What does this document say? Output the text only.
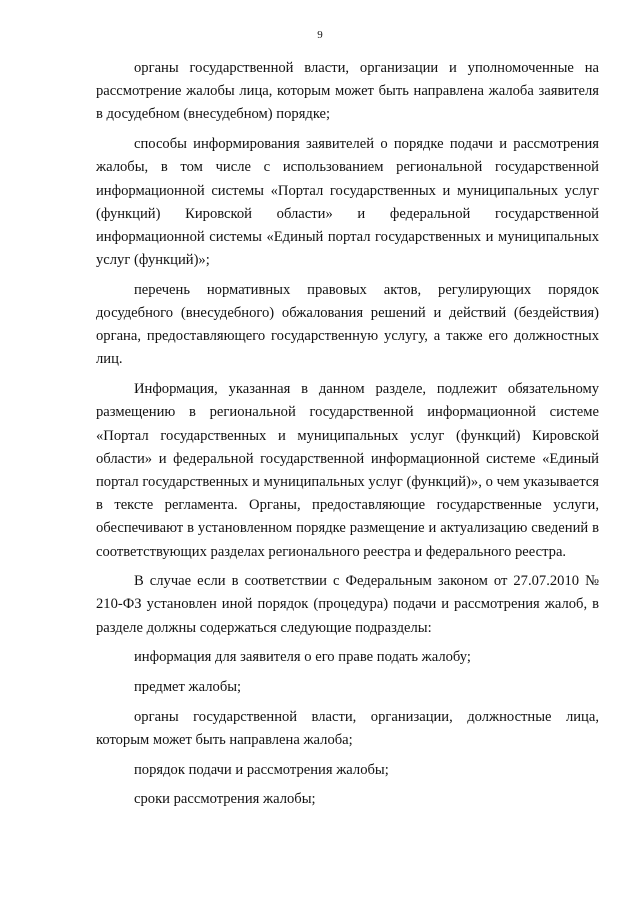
9

органы государственной власти, организации и уполномоченные на рассмотрение жалобы лица, которым может быть направлена жалоба заявителя в досудебном (внесудебном) порядке;

способы информирования заявителей о порядке подачи и рассмотрения жалобы, в том числе с использованием региональной государственной информационной системы «Портал государственных и муниципальных услуг (функций) Кировской области» и федеральной государственной информационной системы «Единый портал государственных и муниципальных услуг (функций)»;

перечень нормативных правовых актов, регулирующих порядок досудебного (внесудебного) обжалования решений и действий (бездействия) органа, предоставляющего государственную услугу, а также его должностных лиц.

Информация, указанная в данном разделе, подлежит обязательному размещению в региональной государственной информационной системе «Портал государственных и муниципальных услуг (функций) Кировской области» и федеральной государственной информационной системе «Единый портал государственных и муниципальных услуг (функций)», о чем указывается в тексте регламента. Органы, предоставляющие государственные услуги, обеспечивают в установленном порядке размещение и актуализацию сведений в соответствующих разделах регионального реестра и федерального реестра.

В случае если в соответствии с Федеральным законом от 27.07.2010 № 210-ФЗ установлен иной порядок (процедура) подачи и рассмотрения жалоб, в разделе должны содержаться следующие подразделы:

информация для заявителя о его праве подать жалобу;

предмет жалобы;

органы государственной власти, организации, должностные лица, которым может быть направлена жалоба;

порядок подачи и рассмотрения жалобы;

сроки рассмотрения жалобы;
